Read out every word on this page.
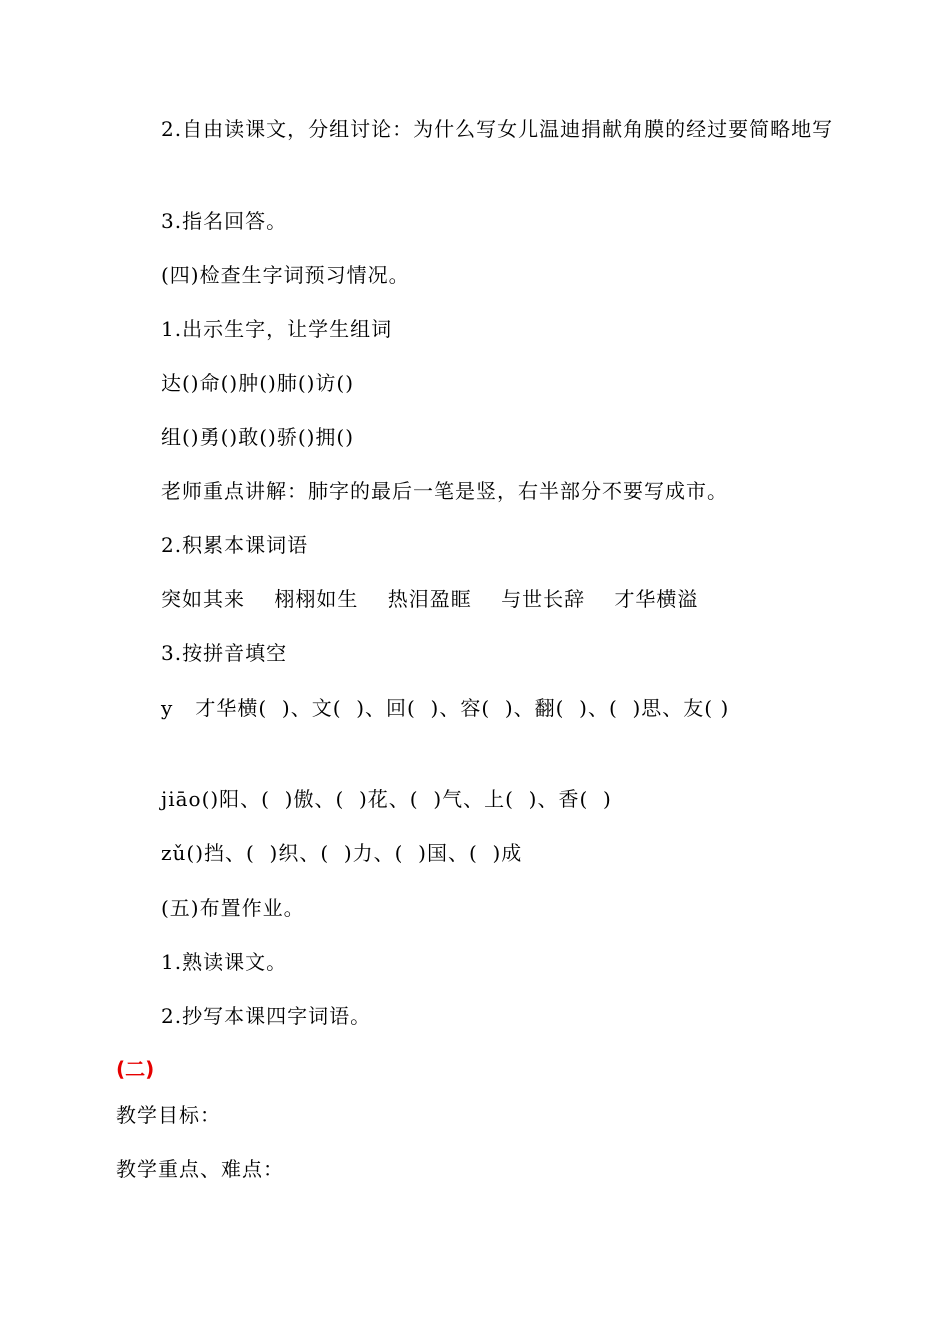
2.自由读课文，分组讨论：为什么写女儿温迪捐献角膜的经过要简略地写
3.指名回答。
(四)检查生字词预习情况。
1.出示生字，让学生组词
达()命()肿()肺()访()
组()勇()敢()骄()拥()
老师重点讲解：肺字的最后一笔是竖，右半部分不要写成市。
2.积累本课词语
突如其来 栩栩如生 热泪盈眶 与世长辞 才华横溢
3.按拼音填空
y   才华横(  )、文(  )、回(  )、容(  )、翻(  )、(  )思、友( )
jiāo()阳、(  )傲、(  )花、(  )气、上(  )、香(  )
zǔ()挡、(  )织、(  )力、(  )国、(  )成
(五)布置作业。
1.熟读课文。
2.抄写本课四字词语。
(二)
教学目标：
教学重点、难点：
